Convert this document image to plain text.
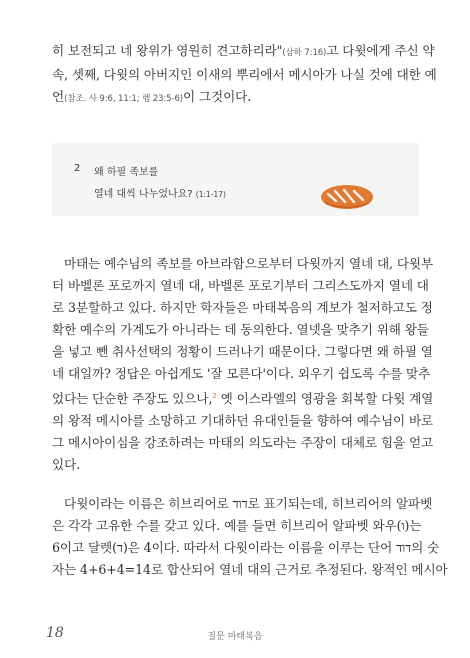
히 보전되고 네 왕위가 영원히 견고하리라"(삼하 7:16)고 다윗에게 주신 약
속, 셋째, 다윗의 아버지인 이새의 뿌리에서 메시아가 나실 것에 대한 예
언(참조. 사 9:6, 11:1; 렘 23:5-6)이 그것이다.
2 왜 하필 족보를
열네 대씩 나누었나요? (1:1-17)
마태는 예수님의 족보를 아브라함으로부터 다윗까지 열네 대, 다윗부
터 바벨론 포로까지 열네 대, 바벨론 포로기부터 그리스도까지 열네 대
로 3분할하고 있다. 하지만 학자들은 마태복음의 계보가 철저하고도 정
확한 예수의 가계도가 아니라는 데 동의한다. 열넷을 맞추기 위해 왕들
을 넣고 뺀 취사선택의 정황이 드러나기 때문이다. 그렇다면 왜 하필 열
네 대일까? 정답은 아쉽게도 '잘 모른다'이다. 외우기 쉽도록 수를 맞추
었다는 단순한 주장도 있으나,$^2$ 옛 이스라엘의 영광을 회복할 다윗 계열
의 왕적 메시아를 소망하고 기대하던 유대인들을 향하여 예수님이 바로
그 메시아이심을 강조하려는 마태의 의도라는 주장이 대체로 힘을 얻고
있다.
다윗이라는 이름은 히브리어로 דוד로 표기되는데, 히브리어의 알파벳
은 각각 고유한 수를 갖고 있다. 예를 들면 히브리어 알파벳 와우(ו)는
6이고 달렛(ד)은 4이다. 따라서 다윗이라는 이름을 이루는 단어 דוד의 숫
자는 4+6+4=14로 합산되어 열네 대의 근거로 추정된다. 왕적인 메시아
18	질문 마태복음
